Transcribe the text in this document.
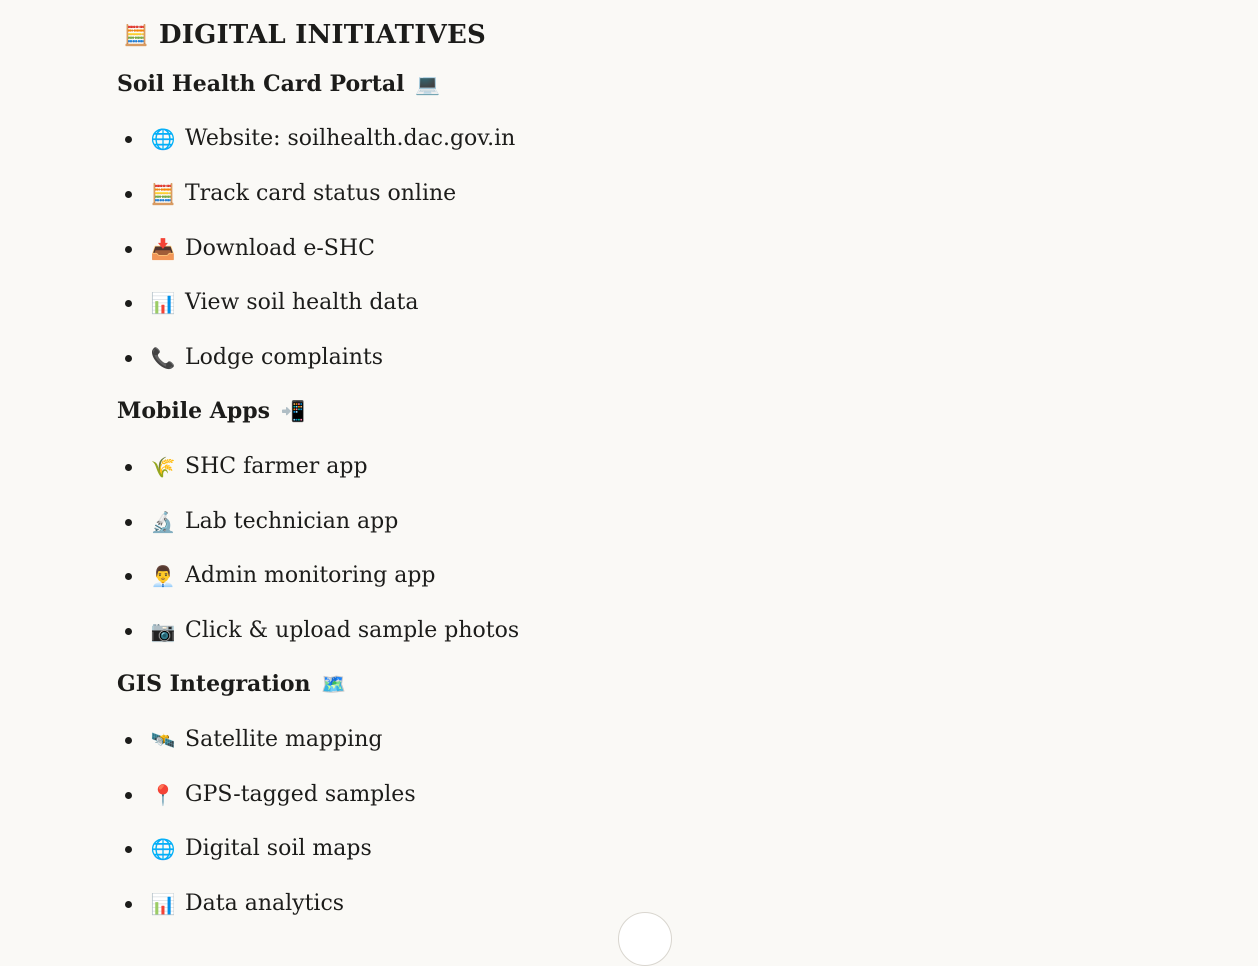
🧮 DIGITAL INITIATIVES
Soil Health Card Portal 💻
🌐 Website: soilhealth.dac.gov.in
🧮 Track card status online
📥 Download e-SHC
📊 View soil health data
📞 Lodge complaints
Mobile Apps 📲
🌾 SHC farmer app
🔬 Lab technician app
👨‍💼 Admin monitoring app
📷 Click & upload sample photos
GIS Integration 🗺️
🛰️ Satellite mapping
📍 GPS-tagged samples
🌐 Digital soil maps
📊 Data analytics
